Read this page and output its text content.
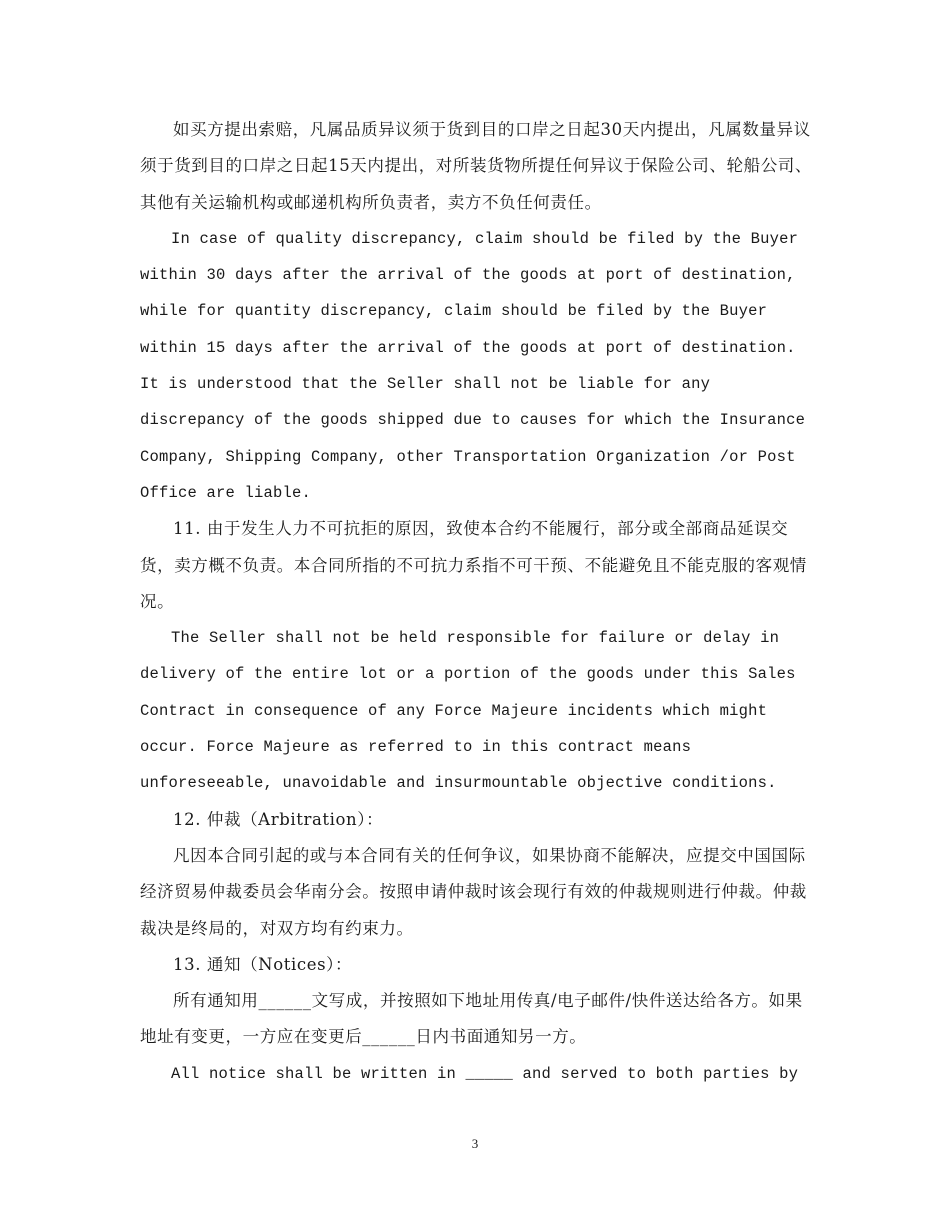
如买方提出索赔，凡属品质异议须于货到目的口岸之日起30天内提出，凡属数量异议须于货到目的口岸之日起15天内提出，对所装货物所提任何异议于保险公司、轮船公司、其他有关运输机构或邮递机构所负责者，卖方不负任何责任。

In case of quality discrepancy, claim should be filed by the Buyer within 30 days after the arrival of the goods at port of destination, while for quantity discrepancy, claim should be filed by the Buyer within 15 days after the arrival of the goods at port of destination. It is understood that the Seller shall not be liable for any discrepancy of the goods shipped due to causes for which the Insurance Company, Shipping Company, other Transportation Organization /or Post Office are liable.

11. 由于发生人力不可抗拒的原因，致使本合约不能履行，部分或全部商品延误交货，卖方概不负责。本合同所指的不可抗力系指不可干预、不能避免且不能克服的客观情况。

The Seller shall not be held responsible for failure or delay in delivery of the entire lot or a portion of the goods under this Sales Contract in consequence of any Force Majeure incidents which might occur. Force Majeure as referred to in this contract means unforeseeable, unavoidable and insurmountable objective conditions.

12. 仲裁（Arbitration）：

凡因本合同引起的或与本合同有关的任何争议，如果协商不能解决，应提交中国国际经济贸易仲裁委员会华南分会。按照申请仲裁时该会现行有效的仲裁规则进行仲裁。仲裁裁决是终局的，对双方均有约束力。

13. 通知（Notices）：

所有通知用______文写成，并按照如下地址用传真/电子邮件/快件送达给各方。如果地址有变更，一方应在变更后______日内书面通知另一方。

All notice shall be written in _____ and served to both parties by

3
